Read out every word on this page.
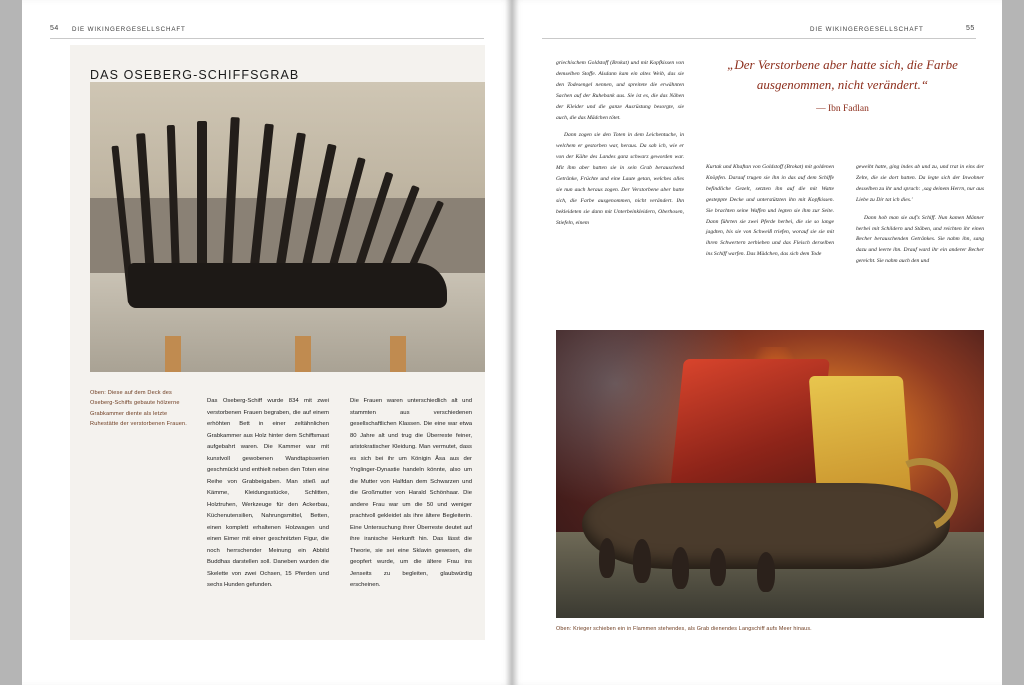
54 DIE WIKINGERGESELLSCHAFT
DAS OSEBERG-SCHIFFSGRAB
Oben: Diese auf dem Deck des Oseberg-Schiffs gebaute hölzerne Grabkammer diente als letzte Ruhestätte der verstorbenen Frauen.
Das Oseberg-Schiff wurde 834 mit zwei verstorbenen Frauen begraben, die auf einem erhöhten Bett in einer zeltähnlichen Grabkammer aus Holz hinter dem Schiffsmast aufgebahrt waren. Die Kammer war mit kunstvoll gewobenen Wandtapisserien geschmückt und enthielt neben den Toten eine Reihe von Grabbeigaben. Man stieß auf Kämme, Kleidungsstücke, Schlitten, Holztruhen, Werkzeuge für den Ackerbau, Küchenutensilien, Nahrungsmittel, Betten, einen komplett erhaltenen Holzwagen und einen Eimer mit einer geschnitzten Figur, die noch herrschender Meinung ein Abbild Buddhas darstellen soll. Daneben wurden die Skelette von zwei Ochsen, 15 Pferden und sechs Hunden gefunden.
Die Frauen waren unterschiedlich alt und stammten aus verschiedenen gesellschaftlichen Klassen. Die eine war etwa 80 Jahre alt und trug die Überreste feiner, aristokratischer Kleidung. Man vermutet, dass es sich bei ihr um Königin Åsa aus der Ynglinger-Dynastie handeln könnte, also um die Mutter von Halfdan dem Schwarzen und die Großmutter von Harald Schönhaar. Die andere Frau war um die 50 und weniger prachtvoll gekleidet als ihre ältere Begleiterin. Eine Untersuchung ihrer Überreste deutet auf ihre iranische Herkunft hin. Das lässt die Theorie, sie sei eine Sklavin gewesen, die geopfert wurde, um die ältere Frau ins Jenseits zu begleiten, glaubwürdig erscheinen.
55
DIE WIKINGERGESELLSCHAFT

griechischem Goldstoff (Brokat) und mit Kopfkissen von demselben Stoffe. Alsdann kam ein altes Weib, das sie den Todesengel nennen, und spreitete die erwähnten Sachen auf der Ruhebank aus. Sie ist es, die das Nähen der Kleider und die ganze Ausrüstung besorgte, sie auch, die das Mädchen tötet.

Dann zogen sie den Toten in dem Leichentuche, in welchem er gestorben war, heraus. Da sah ich, wie er von der Kälte des Landes ganz schwarz geworden war. Mit ihm aber hatten sie in sein Grab berauschend Getränke, Früchte und eine Laute getan, welches alles sie nun auch heraus zogen. Der Verstorbene aber hatte sich, die Farbe ausgenommen, nicht verändert. Ihn bekleideten sie dann mit Unterbeinkleidern, Oberhosen, Stiefeln, einem

„Der Verstorbene aber hatte sich, die Farbe ausgenommen, nicht verändert.“
— Ibn Fadlan

Kurtak und Khaftan von Goldstoff (Brokat) mit goldenen Knöpfen. Darauf trugen sie ihn in das auf dem Schiffe befindliche Gezelt, setzten ihn auf die mit Watte gesteppte Decke und unterstützten ihn mit Kopfkissen. Sie brachten seine Waffen und legten sie ihm zur Seite. Dann führten sie zwei Pferde herbei, die sie so lange jagdten, bis sie von Schweiß triefen, worauf sie sie mit ihren Schwertern zerhieben und das Fleisch derselben ins Schiff warfen. Das Mädchen, das sich dem Tode

geweiht hatte, ging indes ab und zu, und trat in eins der Zelte, die sie dort hatten. Da legte sich der Inwohner desselben zu ihr und sprach: ‚sag deinem Herrn, nur aus Liebe zu Dir tat ich dies.'

Dann hob man sie auf's Schiff. Nun kamen Männer herbei mit Schildern und Stäben, und reichten ihr einen Becher berauschenden Getränkes. Sie nahm ihn, sang dazu und leerte ihn. Drauf ward ihr ein anderer Becher gereicht. Sie nahm auch den und

Oben: Krieger schieben ein in Flammen stehendes, als Grab dienendes Langschiff aufs Meer hinaus.
